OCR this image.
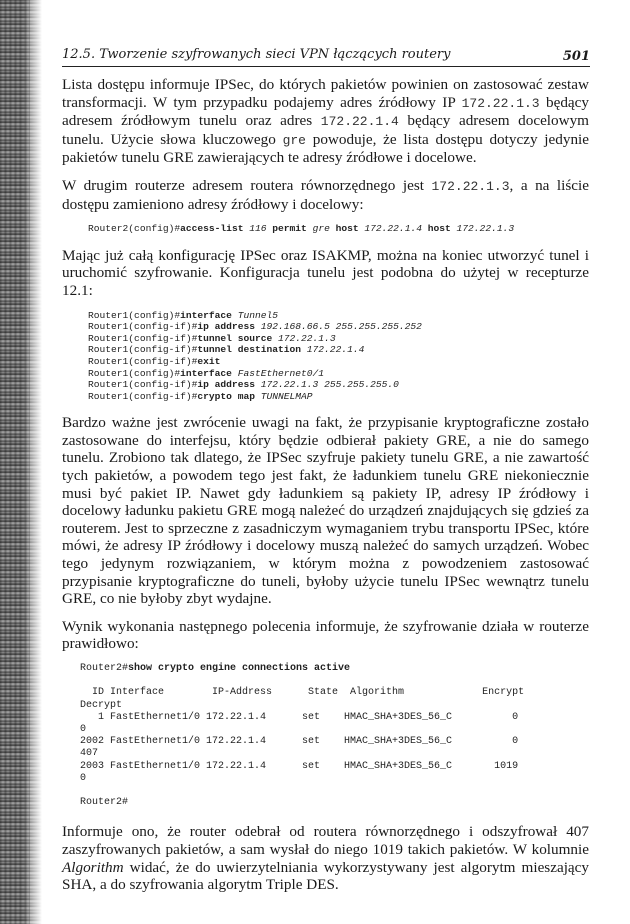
12.5. Tworzenie szyfrowanych sieci VPN łączących routery	501
Lista dostępu informuje IPSec, do których pakietów powinien on zastosować zestaw transformacji. W tym przypadku podajemy adres źródłowy IP 172.22.1.3 będący adresem źródłowym tunelu oraz adres 172.22.1.4 będący adresem docelowym tunelu. Użycie słowa kluczowego gre powoduje, że lista dostępu dotyczy jedynie pakietów tunelu GRE zawierających te adresy źródłowe i docelowe.
W drugim routerze adresem routera równorzędnego jest 172.22.1.3, a na liście dostępu zamieniono adresy źródłowy i docelowy:
Router2(config)#access-list 116 permit gre host 172.22.1.4 host 172.22.1.3
Mając już całą konfigurację IPSec oraz ISAKMP, można na koniec utworzyć tunel i uruchomić szyfrowanie. Konfiguracja tunelu jest podobna do użytej w recepturze 12.1:
Router1(config)#interface Tunnel5
Router1(config-if)#ip address 192.168.66.5 255.255.255.252
Router1(config-if)#tunnel source 172.22.1.3
Router1(config-if)#tunnel destination 172.22.1.4
Router1(config-if)#exit
Router1(config)#interface FastEthernet0/1
Router1(config-if)#ip address 172.22.1.3 255.255.255.0
Router1(config-if)#crypto map TUNNELMAP
Bardzo ważne jest zwrócenie uwagi na fakt, że przypisanie kryptograficzne zostało zastosowane do interfejsu, który będzie odbierał pakiety GRE, a nie do samego tunelu. Zrobiono tak dlatego, że IPSec szyfruje pakiety tunelu GRE, a nie zawartość tych pakietów, a powodem tego jest fakt, że ładunkiem tunelu GRE niekoniecznie musi być pakiet IP. Nawet gdy ładunkiem są pakiety IP, adresy IP źródłowy i docelowy ładunku pakietu GRE mogą należeć do urządzeń znajdujących się gdzieś za routerem. Jest to sprzeczne z zasadniczym wymaganiem trybu transportu IPSec, które mówi, że adresy IP źródłowy i docelowy muszą należeć do samych urządzeń. Wobec tego jedynym rozwiązaniem, w którym można z powodzeniem zastosować przypisanie kryptograficzne do tuneli, byłoby użycie tunelu IPSec wewnątrz tunelu GRE, co nie byłoby zbyt wydajne.
Wynik wykonania następnego polecenia informuje, że szyfrowanie działa w routerze prawidłowo:
Router2#show crypto engine connections active

ID Interface        IP-Address      State  Algorithm             Encrypt
Decrypt
1 FastEthernet1/0 172.22.1.4      set    HMAC_SHA+3DES_56_C          0
0
2002 FastEthernet1/0 172.22.1.4      set    HMAC_SHA+3DES_56_C          0
407
2003 FastEthernet1/0 172.22.1.4      set    HMAC_SHA+3DES_56_C       1019
0

Router2#
Informuje ono, że router odebrał od routera równorzędnego i odszyfrował 407 zaszyfrowanych pakietów, a sam wysłał do niego 1019 takich pakietów. W kolumnie Algorithm widać, że do uwierzytelniania wykorzystywany jest algorytm mieszający SHA, a do szyfrowania algorytm Triple DES.
